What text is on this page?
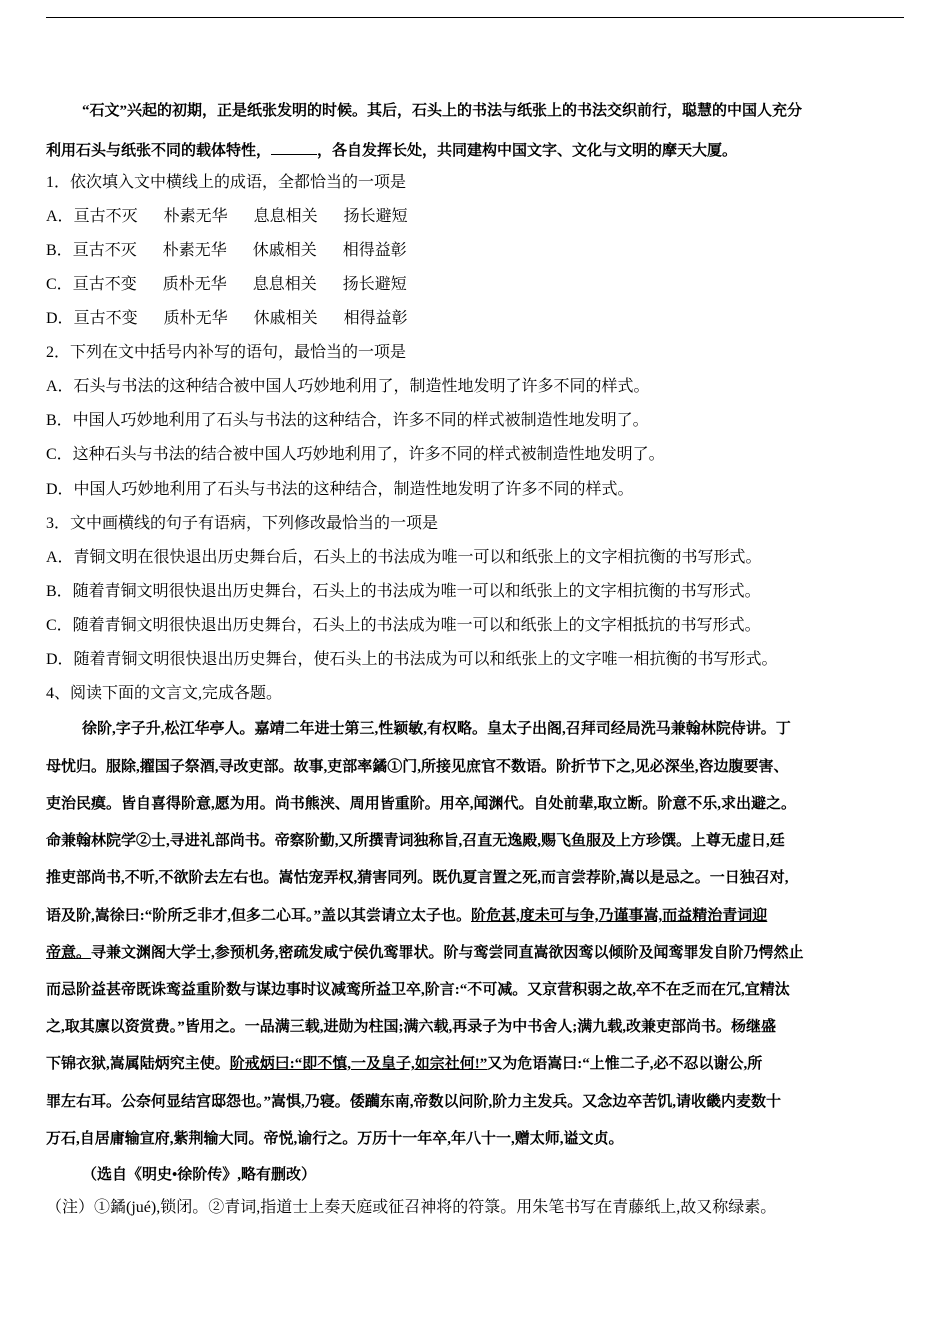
“石文”兴起的初期，正是纸张发明的时候。其后，石头上的书法与纸张上的书法交织前行，聪慧的中国人充分
利用石头与纸张不同的载体特性，	，各自发挥长处，共同建构中国文字、文化与文明的摩天大厦。
1．依次填入文中横线上的成语，全都恰当的一项是
A．亘古不灭 朴素无华 息息相关 扬长避短
B．亘古不灭 朴素无华 休戚相关 相得益彰
C．亘古不变 质朴无华 息息相关 扬长避短
D．亘古不变 质朴无华 休戚相关 相得益彰
2．下列在文中括号内补写的语句，最恰当的一项是
A．石头与书法的这种结合被中国人巧妙地利用了，制造性地发明了许多不同的样式。
B．中国人巧妙地利用了石头与书法的这种结合，许多不同的样式被制造性地发明了。
C．这种石头与书法的结合被中国人巧妙地利用了，许多不同的样式被制造性地发明了。
D．中国人巧妙地利用了石头与书法的这种结合，制造性地发明了许多不同的样式。
3．文中画横线的句子有语病，下列修改最恰当的一项是
A．青铜文明在很快退出历史舞台后，石头上的书法成为唯一可以和纸张上的文字相抗衡的书写形式。
B．随着青铜文明很快退出历史舞台，石头上的书法成为唯一可以和纸张上的文字相抗衡的书写形式。
C．随着青铜文明很快退出历史舞台，石头上的书法成为唯一可以和纸张上的文字相抵抗的书写形式。
D．随着青铜文明很快退出历史舞台，使石头上的书法成为可以和纸张上的文字唯一相抗衡的书写形式。
4、阅读下面的文言文,完成各题。
徐阶,字子升,松江华亭人。嘉靖二年进士第三,性颖敏,有权略。皇太子出阁,召拜司经局洗马兼翰林院侍讲。丁
母忧归。服除,擢国子祭酒,寻改吏部。故事,吏部率鐍①门,所接见庶官不数语。阶折节下之,见必深坐,咨边腹要害、
吏治民瘼。皆自喜得阶意,愿为用。尚书熊浃、周用皆重阶。用卒,闻渊代。自处前辈,取立断。阶意不乐,求出避之。
命兼翰林院学②士,寻进礼部尚书。帝察阶勤,又所撰青词独称旨,召直无逸殿,赐飞鱼服及上方珍馔。上尊无虚日,廷
推吏部尚书,不听,不欲阶去左右也。嵩怙宠弄权,猜害同列。既仇夏言置之死,而言尝荐阶,嵩以是忌之。一日独召对,
语及阶,嵩徐曰:“阶所乏非才,但多二心耳。”盖以其尝请立太子也。阶危甚,度未可与争,乃谨事嵩,而益精治青词迎
帝意。寻兼文渊阁大学士,参预机务,密疏发咸宁侯仇鸾罪状。阶与鸾尝同直嵩欲因鸾以倾阶及闻鸾罪发自阶乃愕然止
而忌阶益甚帝既诛鸾益重阶数与谋边事时议减鸾所益卫卒,阶言:“不可减。又京营积弱之故,卒不在乏而在冗,宜精汰
之,取其廪以资赏费。”皆用之。一品满三载,进勋为柱国;满六载,再录子为中书舍人;满九载,改兼吏部尚书。杨继盛
下锦衣狱,嵩属陆炳究主使。阶戒炳曰:“即不慎,一及皇子,如宗社何!”又为危语嵩曰:“上惟二子,必不忍以谢公,所
罪左右耳。公奈何显结宫邸怨也。”嵩惧,乃寝。倭躏东南,帝数以问阶,阶力主发兵。又念边卒苦饥,请收畿内麦数十
万石,自居庸输宣府,紫荆输大同。帝悦,谕行之。万历十一年卒,年八十一,赠太师,谥文贞。
（选自《明史•徐阶传》,略有删改）
（注）①鐍(jué),锁闭。②青词,指道士上奏天庭或征召神将的符箓。用朱笔书写在青藤纸上,故又称绿素。
